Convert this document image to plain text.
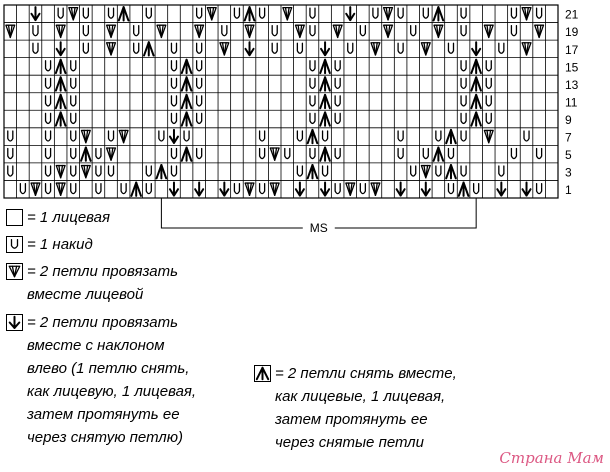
21
19
17
15
13
11
9
7
5
3
1
MS
= 1 лицевая
= 1 накид
= 2 петли провязать
вместе лицевой
= 2 петли провязать
вместе с наклоном
влево (1 петлю снять,
как лицевую, 1 лицевая,
затем протянуть ее
через снятую петлю)
= 2 петли снять вместе,
как лицевые, 1 лицевая,
затем протянуть ее
через снятые петли
Страна Мам
